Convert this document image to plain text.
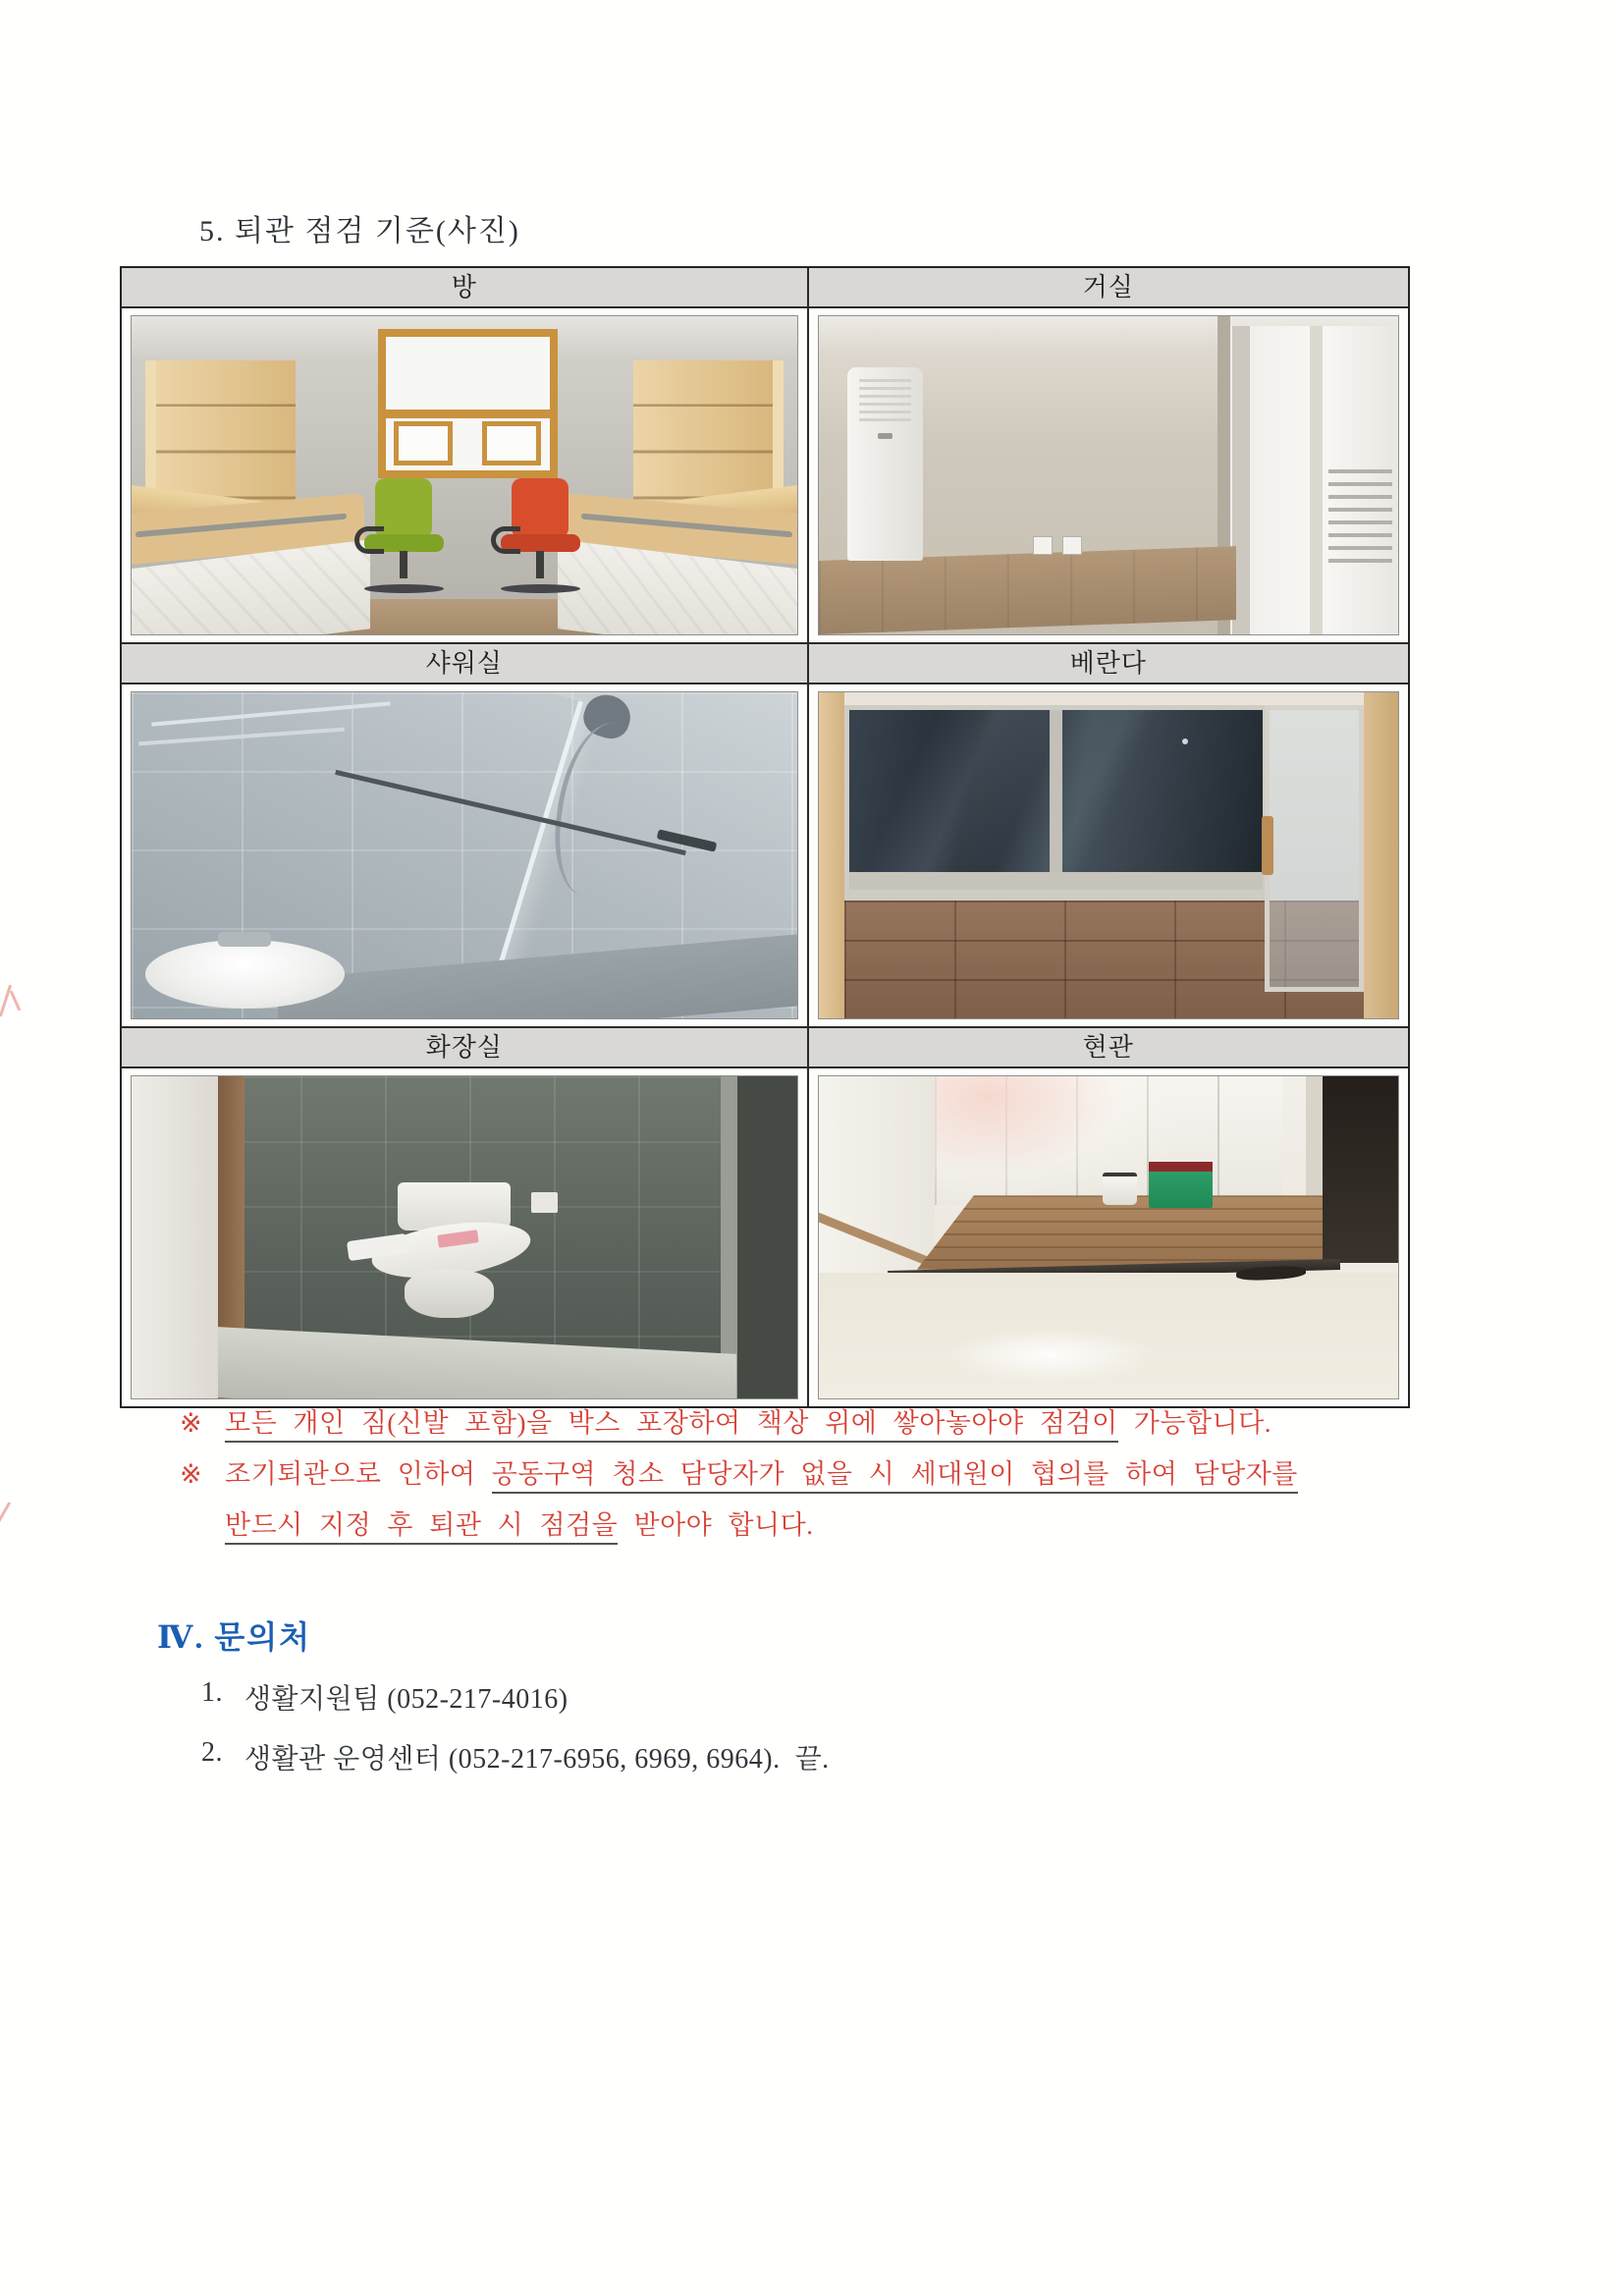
5. 퇴관 점검 기준(사진)
방	거실
샤워실	베란다
화장실	현관
※ 모든 개인 짐(신발 포함)을 박스 포장하여 책상 위에 쌓아놓아야 점검이 가능합니다.
※ 조기퇴관으로 인하여 공동구역 청소 담당자가 없을 시 세대원이 협의를 하여 담당자를
반드시 지정 후 퇴관 시 점검을 받아야 합니다.
Ⅳ. 문의처
1. 생활지원팀 (052-217-4016)
2. 생활관 운영센터 (052-217-6956, 6969, 6964).  끝.
